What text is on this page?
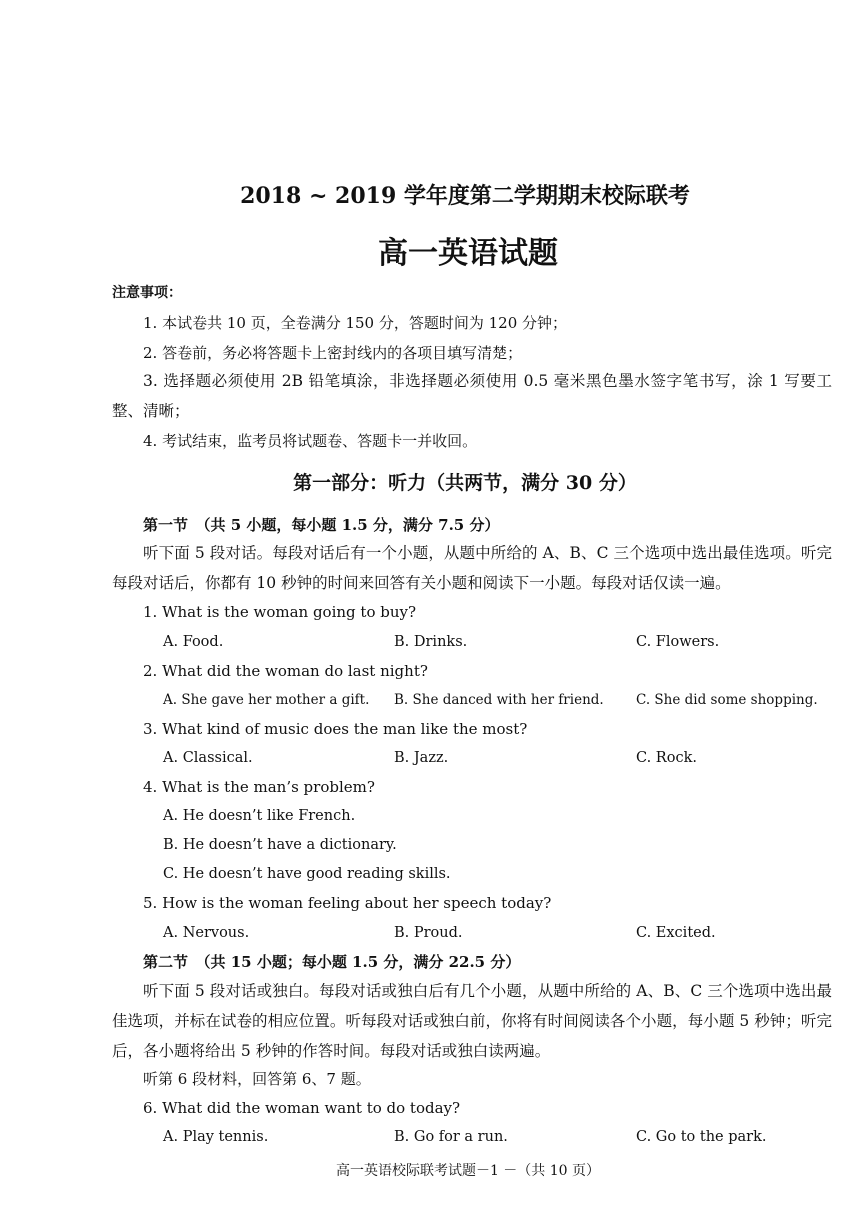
2018 ~ 2019 学年度第二学期期末校际联考
高一英语试题
注意事项：
1. 本试卷共 10 页，全卷满分 150 分，答题时间为 120 分钟；
2. 答卷前，务必将答题卡上密封线内的各项目填写清楚；
3. 选择题必须使用 2B 铅笔填涂，非选择题必须使用 0.5 毫米黑色墨水签字笔书写，涂 1 写要工整、清晰；
4. 考试结束，监考员将试题卷、答题卡一并收回。
第一部分：听力（共两节，满分 30 分）
第一节　（共 5 小题，每小题 1.5 分，满分 7.5 分）
听下面 5 段对话。每段对话后有一个小题，从题中所给的 A、B、C 三个选项中选出最佳选项。听完每段对话后，你都有 10 秒钟的时间来回答有关小题和阅读下一小题。每段对话仅读一遍。
1. What is the woman going to buy?
A. Food.	B. Drinks.	C. Flowers.
2. What did the woman do last night?
A. She gave her mother a gift. B. She danced with her friend. C. She did some shopping.
3. What kind of music does the man like the most?
A. Classical.	B. Jazz.	C. Rock.
4. What is the man’s problem?
A. He doesn’t like French.
B. He doesn’t have a dictionary.
C. He doesn’t have good reading skills.
5. How is the woman feeling about her speech today?
A. Nervous.	B. Proud.	C. Excited.
第二节　（共 15 小题；每小题 1.5 分，满分 22.5 分）
听下面 5 段对话或独白。每段对话或独白后有几个小题，从题中所给的 A、B、C 三个选项中选出最佳选项，并标在试卷的相应位置。听每段对话或独白前，你将有时间阅读各个小题，每小题 5 秒钟；听完后，各小题将给出 5 秒钟的作答时间。每段对话或独白读两遍。
听第 6 段材料，回答第 6、7 题。
6. What did the woman want to do today?
A. Play tennis.	B. Go for a run.	C. Go to the park.
高一英语校际联考试题－1 －（共 10 页）
